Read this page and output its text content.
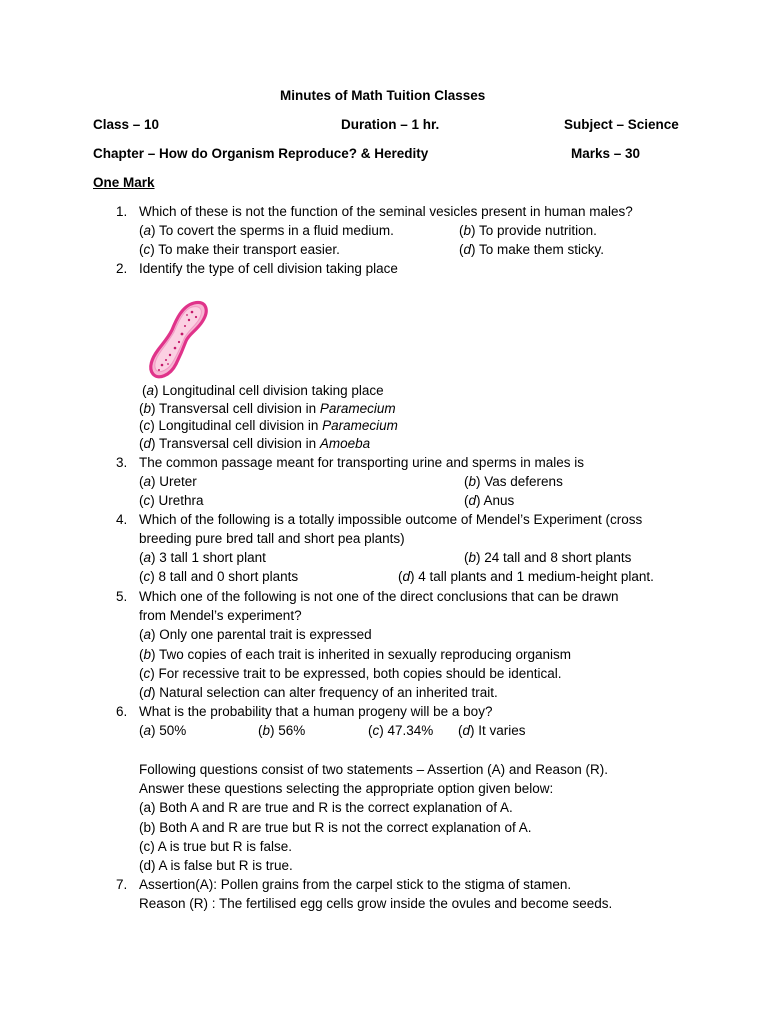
Minutes of Math Tuition Classes
Class – 10	Duration – 1 hr.	Subject – Science
Chapter – How do Organism Reproduce? & Heredity	Marks – 30
One Mark
1. Which of these is not the function of the seminal vesicles present in human males?
(a) To covert the sperms in a fluid medium.	(b) To provide nutrition.
(c) To make their transport easier.	(d) To make them sticky.
2. Identify the type of cell division taking place
(a) Longitudinal cell division taking place
(b) Transversal cell division in Paramecium
(c) Longitudinal cell division in Paramecium
(d) Transversal cell division in Amoeba
3. The common passage meant for transporting urine and sperms in males is
(a) Ureter	(b) Vas deferens
(c) Urethra	(d) Anus
4. Which of the following is a totally impossible outcome of Mendel’s Experiment (cross
breeding pure bred tall and short pea plants)
(a) 3 tall 1 short plant	(b) 24 tall and 8 short plants
(c) 8 tall and 0 short plants	(d) 4 tall plants and 1 medium-height plant.
5. Which one of the following is not one of the direct conclusions that can be drawn
from Mendel’s experiment?
(a) Only one parental trait is expressed
(b) Two copies of each trait is inherited in sexually reproducing organism
(c) For recessive trait to be expressed, both copies should be identical.
(d) Natural selection can alter frequency of an inherited trait.
6. What is the probability that a human progeny will be a boy?
(a) 50%	(b) 56%	(c) 47.34% (d) It varies
Following questions consist of two statements – Assertion (A) and Reason (R).
Answer these questions selecting the appropriate option given below:
(a) Both A and R are true and R is the correct explanation of A.
(b) Both A and R are true but R is not the correct explanation of A.
(c) A is true but R is false.
(d) A is false but R is true.
7. Assertion(A): Pollen grains from the carpel stick to the stigma of stamen.
Reason (R) : The fertilised egg cells grow inside the ovules and become seeds.
